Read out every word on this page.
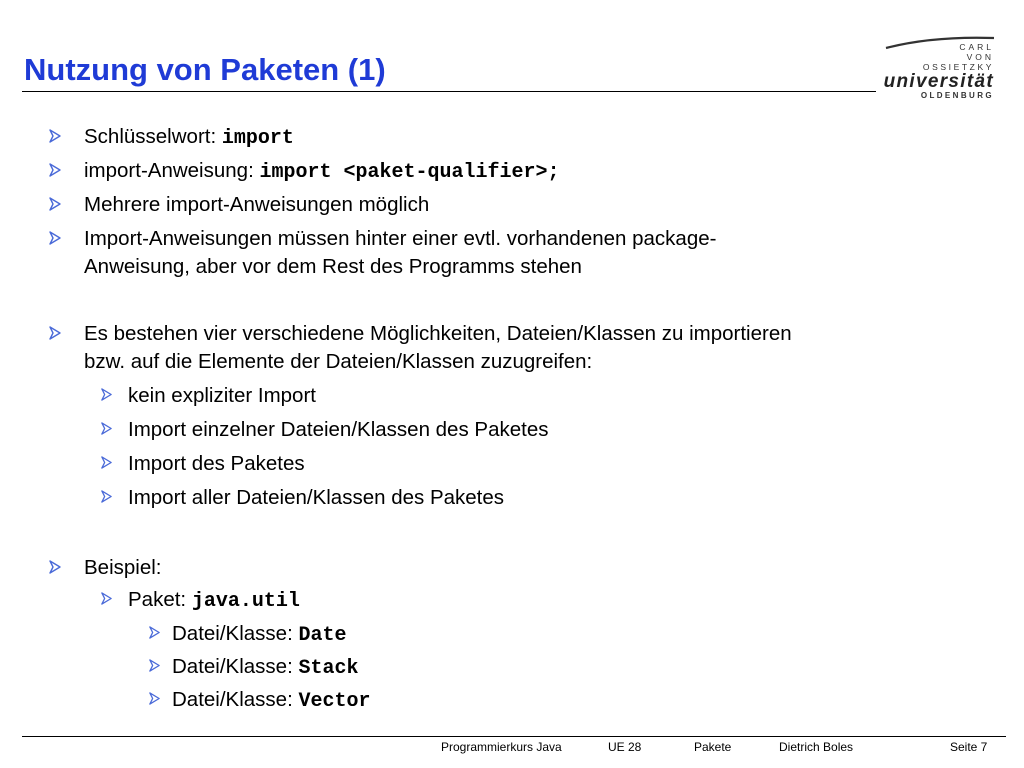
Nutzung von Paketen (1)
CARL
VON
OSSIETZKY
universität
OLDENBURG
Schlüsselwort: import
import-Anweisung: import <paket-qualifier>;
Mehrere import-Anweisungen möglich
Import-Anweisungen müssen hinter einer evtl. vorhandenen package-
Anweisung, aber vor dem Rest des Programms stehen
Es bestehen vier verschiedene Möglichkeiten, Dateien/Klassen zu importieren
bzw. auf die Elemente der Dateien/Klassen zuzugreifen:
kein expliziter Import
Import einzelner Dateien/Klassen des Paketes
Import des Paketes
Import aller Dateien/Klassen des Paketes
Beispiel:
Paket: java.util
Datei/Klasse: Date
Datei/Klasse: Stack
Datei/Klasse: Vector
Programmierkurs Java	UE 28	Pakete	Dietrich Boles	Seite 7
